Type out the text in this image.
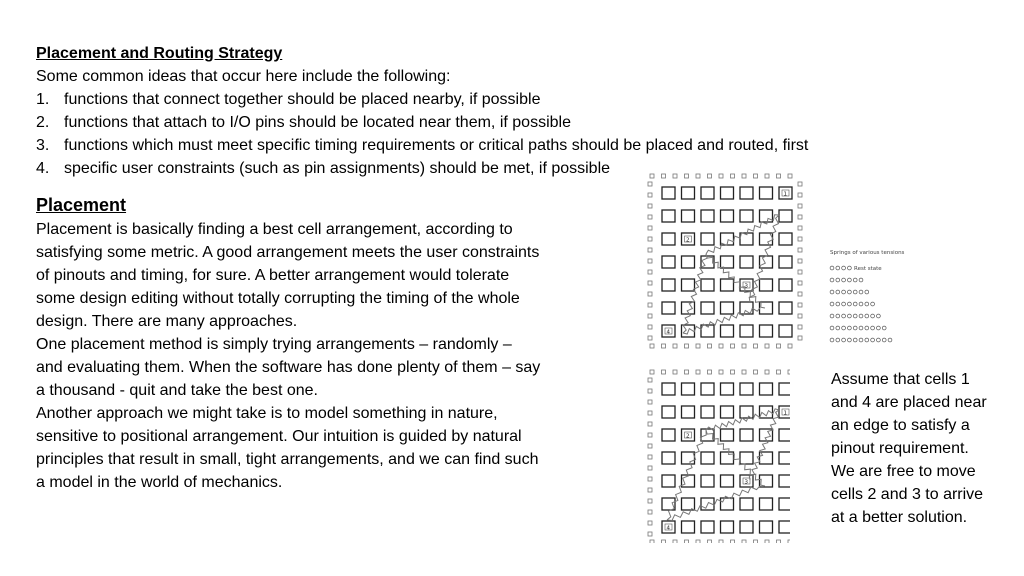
Placement and Routing Strategy
Some common ideas that occur here include the following:
1. functions that connect together should be placed nearby, if possible
2. functions that attach to I/O pins should be located near them, if possible
3. functions which must meet specific timing requirements or critical paths should be placed and routed, first
4. specific user constraints (such as pin assignments) should be met, if possible
Placement
Placement is basically finding a best cell arrangement, according to
satisfying some metric. A good arrangement meets the user constraints
of pinouts and timing, for sure. A better arrangement would tolerate
some design editing without totally corrupting the timing of the whole
design. There are many approaches.
One placement method is simply trying arrangements – randomly –
and evaluating them. When the software has done plenty of them – say
a thousand - quit and take the best one.
Another approach we might take is to model something in nature,
sensitive to positional arrangement. Our intuition is guided by natural
principles that result in small, tight arrangements, and we can find such
a model in the world of mechanics.
1
2
3
4
Springs of various tensions
Rest state
1
2
3
4
Assume that cells 1
and 4 are placed near
an edge to satisfy a
pinout requirement.
We are free to move
cells 2 and 3 to arrive
at a better solution.
